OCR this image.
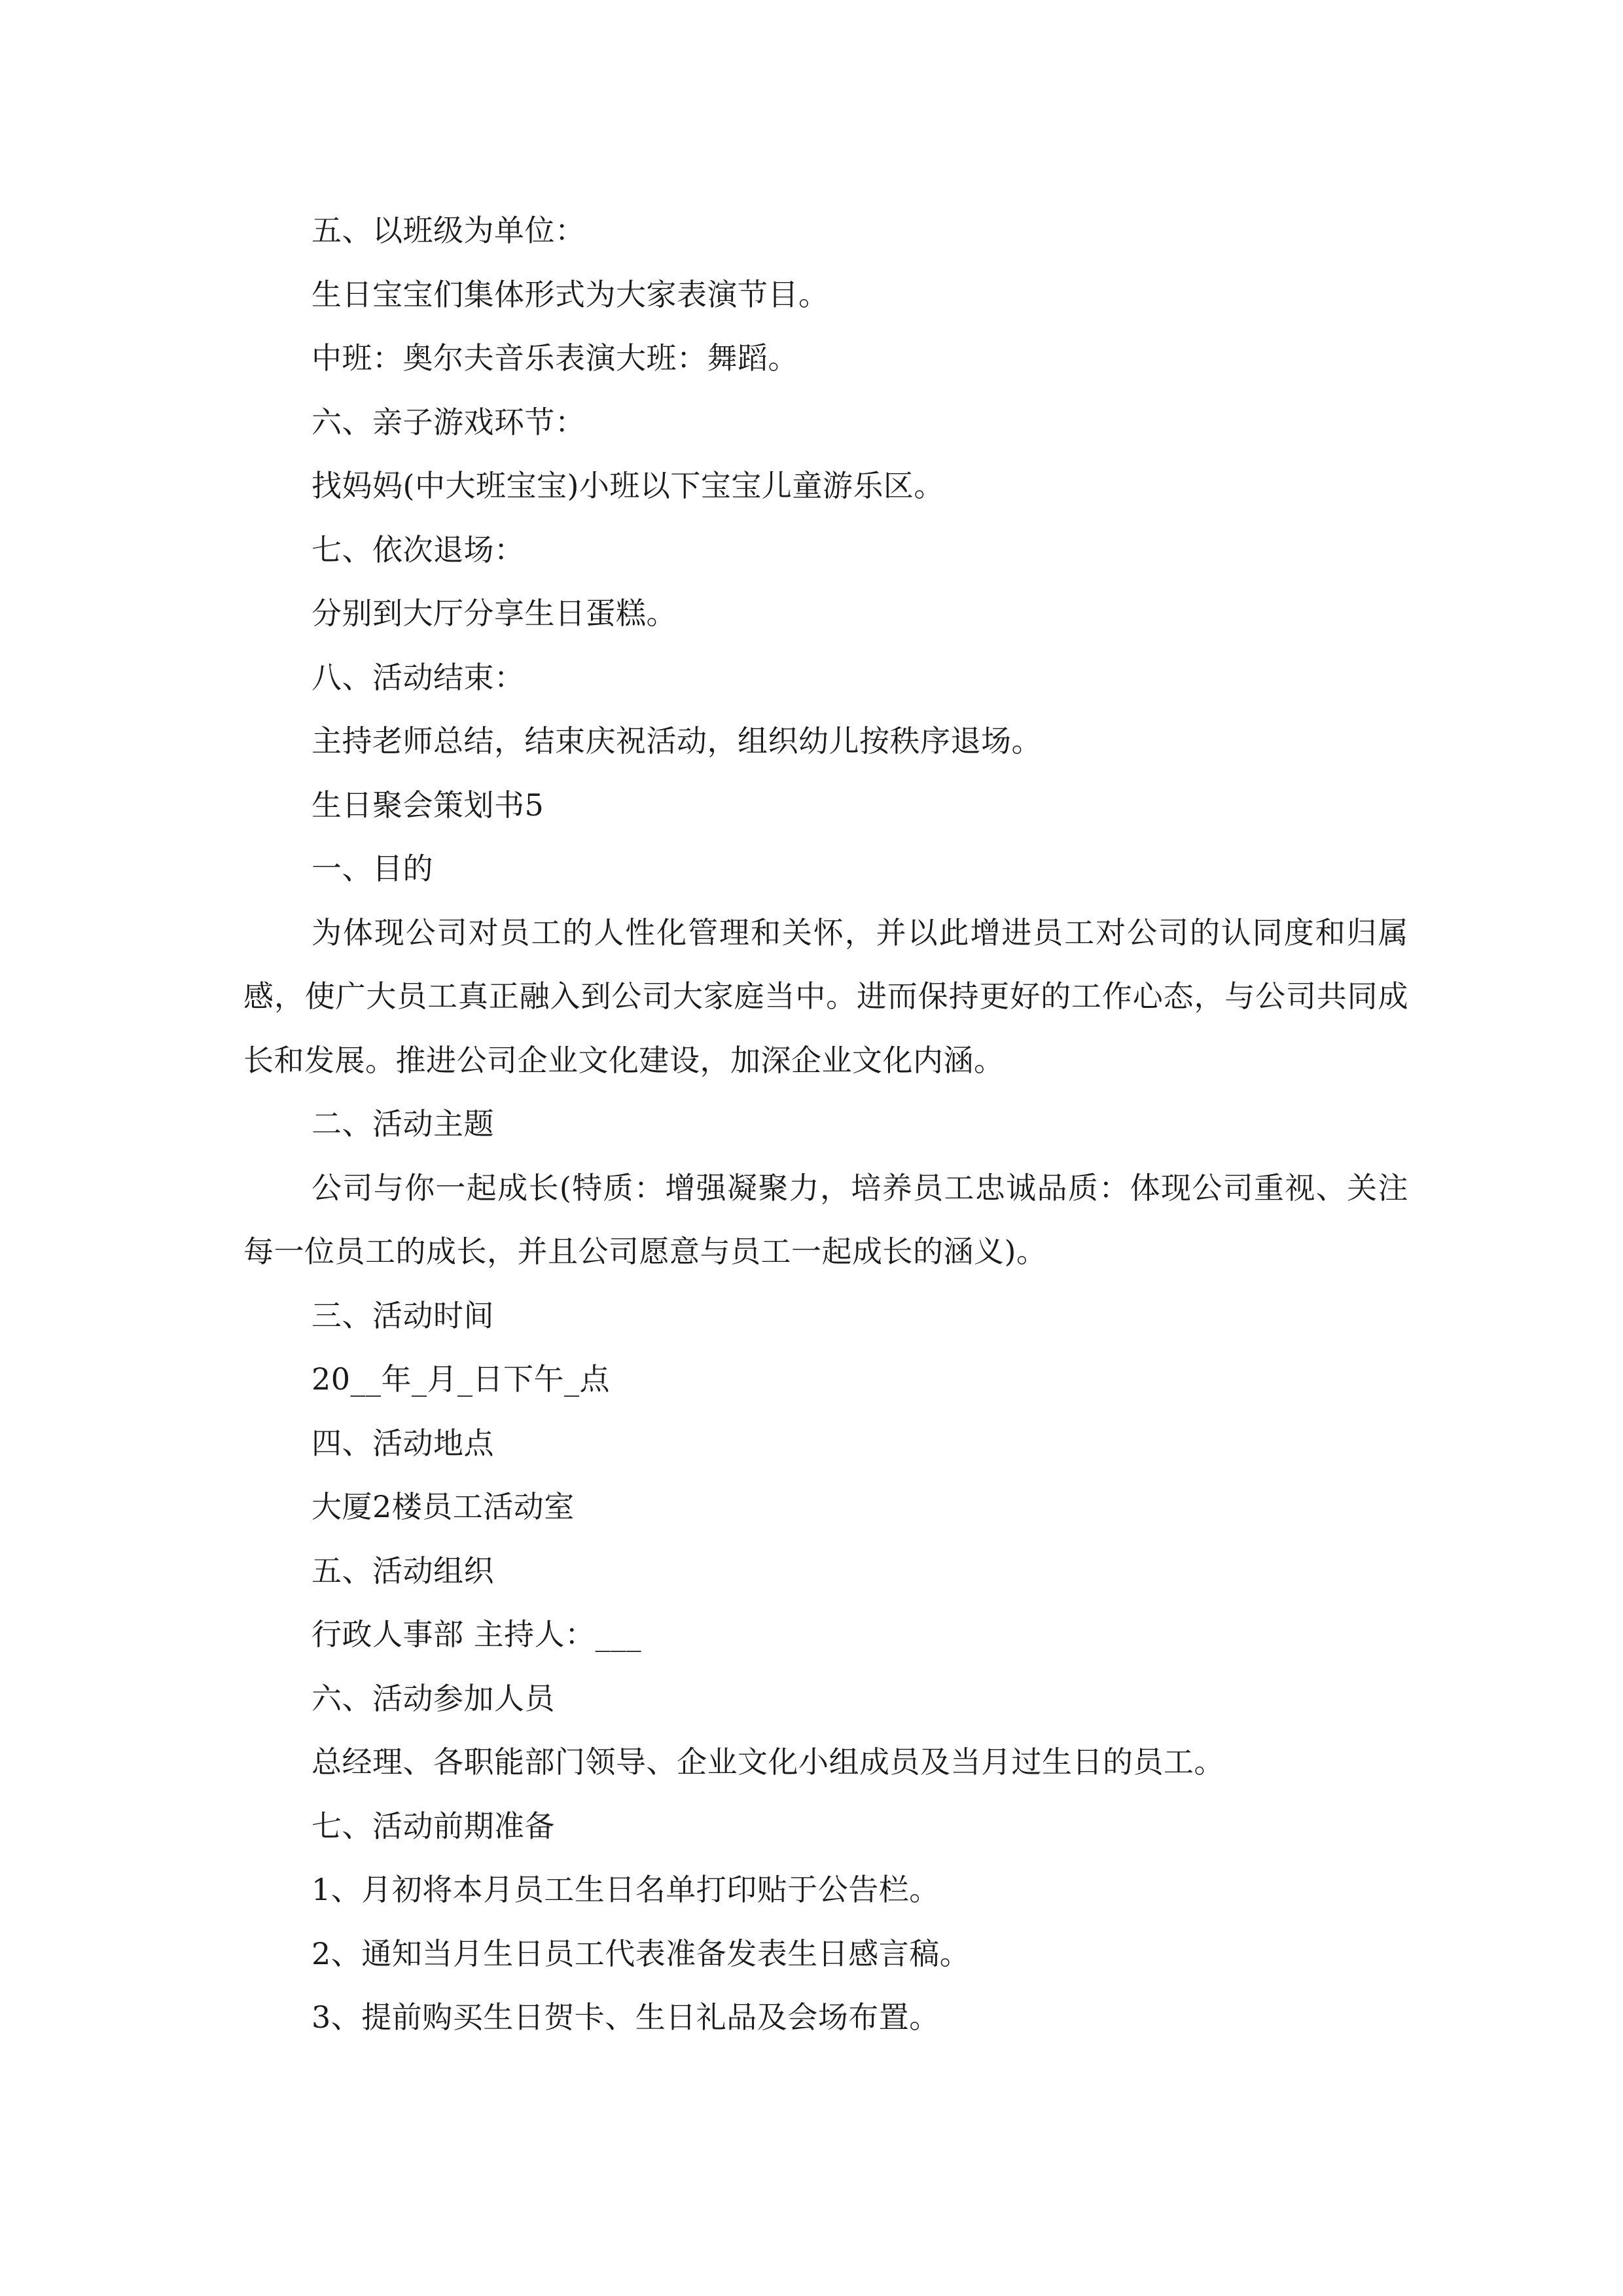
五、以班级为单位：
生日宝宝们集体形式为大家表演节目。
中班：奥尔夫音乐表演大班：舞蹈。
六、亲子游戏环节：
找妈妈(中大班宝宝)小班以下宝宝儿童游乐区。
七、依次退场：
分别到大厅分享生日蛋糕。
八、活动结束：
主持老师总结，结束庆祝活动，组织幼儿按秩序退场。
生日聚会策划书5
一、目的
为体现公司对员工的人性化管理和关怀，并以此增进员工对公司的认同度和归属感，使广大员工真正融入到公司大家庭当中。进而保持更好的工作心态，与公司共同成长和发展。推进公司企业文化建设，加深企业文化内涵。
二、活动主题
公司与你一起成长(特质：增强凝聚力，培养员工忠诚品质：体现公司重视、关注每一位员工的成长，并且公司愿意与员工一起成长的涵义)。
三、活动时间
20__年_月_日下午_点
四、活动地点
大厦2楼员工活动室
五、活动组织
行政人事部 主持人：___
六、活动参加人员
总经理、各职能部门领导、企业文化小组成员及当月过生日的员工。
七、活动前期准备
1、月初将本月员工生日名单打印贴于公告栏。
2、通知当月生日员工代表准备发表生日感言稿。
3、提前购买生日贺卡、生日礼品及会场布置。
